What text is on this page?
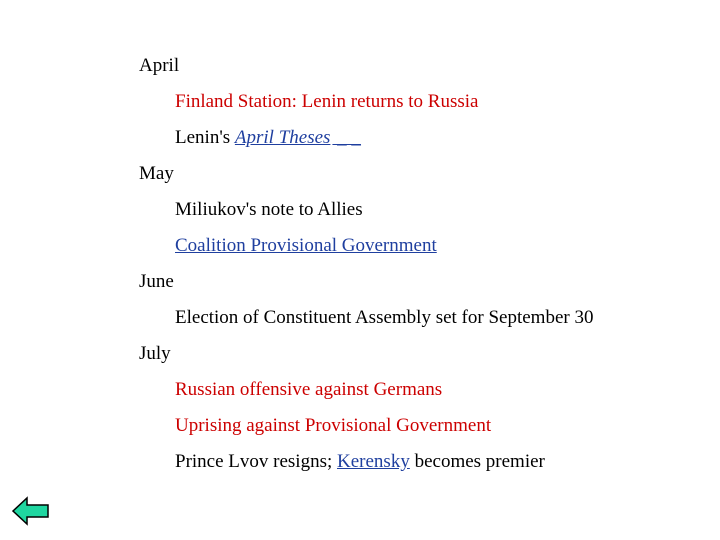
April
Finland Station: Lenin returns to Russia
Lenin's April Theses _ _
May
Miliukov's note to Allies
Coalition Provisional Government
June
Election of Constituent Assembly set for September 30
July
Russian offensive against Germans
Uprising against Provisional Government
Prince Lvov resigns; Kerensky becomes premier
